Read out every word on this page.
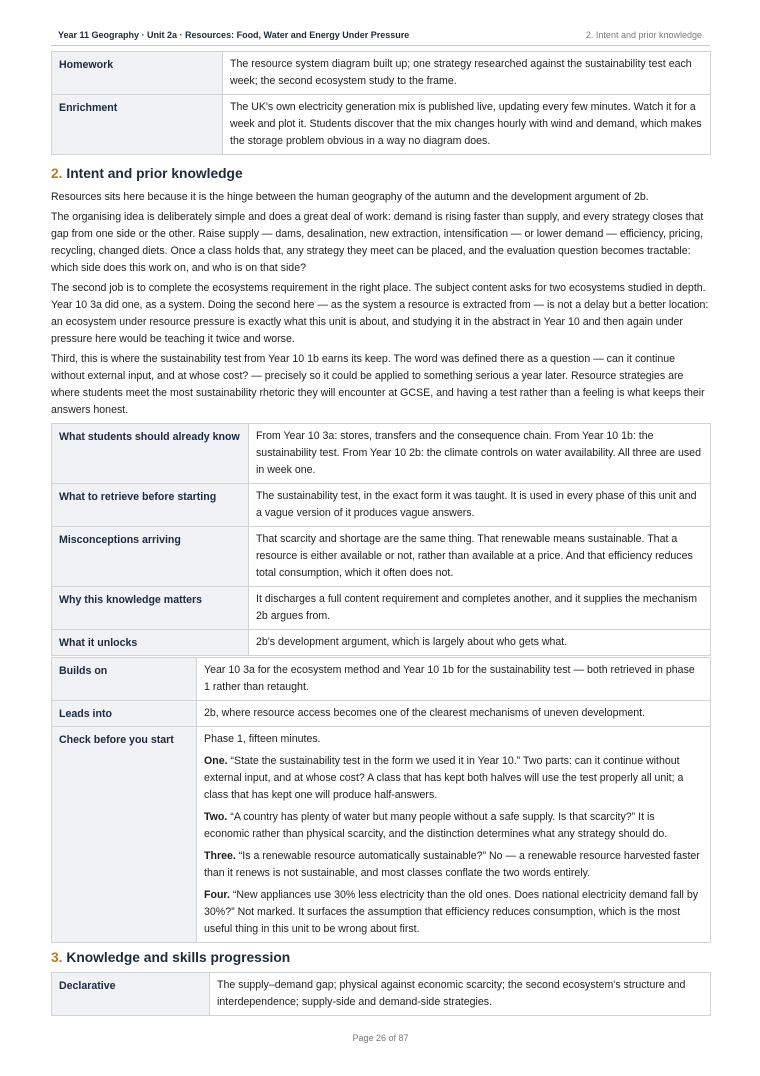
Year 11 Geography · Unit 2a · Resources: Food, Water and Energy Under Pressure	2. Intent and prior knowledge
Homework	The resource system diagram built up; one strategy researched against the sustainability test each week; the second ecosystem study to the frame.
Enrichment	The UK's own electricity generation mix is published live, updating every few minutes. Watch it for a week and plot it. Students discover that the mix changes hourly with wind and demand, which makes the storage problem obvious in a way no diagram does.
2. Intent and prior knowledge

Resources sits here because it is the hinge between the human geography of the autumn and the development argument of 2b.

The organising idea is deliberately simple and does a great deal of work: demand is rising faster than supply, and every strategy closes that gap from one side or the other. Raise supply — dams, desalination, new extraction, intensification — or lower demand — efficiency, pricing, recycling, changed diets. Once a class holds that, any strategy they meet can be placed, and the evaluation question becomes tractable: which side does this work on, and who is on that side?

The second job is to complete the ecosystems requirement in the right place. The subject content asks for two ecosystems studied in depth. Year 10 3a did one, as a system. Doing the second here — as the system a resource is extracted from — is not a delay but a better location: an ecosystem under resource pressure is exactly what this unit is about, and studying it in the abstract in Year 10 and then again under pressure here would be teaching it twice and worse.

Third, this is where the sustainability test from Year 10 1b earns its keep. The word was defined there as a question — can it continue without external input, and at whose cost? — precisely so it could be applied to something serious a year later. Resource strategies are where students meet the most sustainability rhetoric they will encounter at GCSE, and having a test rather than a feeling is what keeps their answers honest.

What students should already know	From Year 10 3a: stores, transfers and the consequence chain. From Year 10 1b: the sustainability test. From Year 10 2b: the climate controls on water availability. All three are used in week one.
What to retrieve before starting	The sustainability test, in the exact form it was taught. It is used in every phase of this unit and a vague version of it produces vague answers.
Misconceptions arriving	That scarcity and shortage are the same thing. That renewable means sustainable. That a resource is either available or not, rather than available at a price. And that efficiency reduces total consumption, which it often does not.
Why this knowledge matters	It discharges a full content requirement and completes another, and it supplies the mechanism 2b argues from.
What it unlocks	2b's development argument, which is largely about who gets what.
Builds on	Year 10 3a for the ecosystem method and Year 10 1b for the sustainability test — both retrieved in phase 1 rather than retaught.
Leads into	2b, where resource access becomes one of the clearest mechanisms of uneven development.
Check before you start	Phase 1, fifteen minutes.
One. “State the sustainability test in the form we used it in Year 10.” Two parts: can it continue without external input, and at whose cost? A class that has kept both halves will use the test properly all unit; a class that has kept one will produce half-answers.
Two. “A country has plenty of water but many people without a safe supply. Is that scarcity?” It is economic rather than physical scarcity, and the distinction determines what any strategy should do.
Three. “Is a renewable resource automatically sustainable?” No — a renewable resource harvested faster than it renews is not sustainable, and most classes conflate the two words entirely.
Four. “New appliances use 30% less electricity than the old ones. Does national electricity demand fall by 30%?” Not marked. It surfaces the assumption that efficiency reduces consumption, which is the most useful thing in this unit to be wrong about first.
3. Knowledge and skills progression
Declarative	The supply–demand gap; physical against economic scarcity; the second ecosystem's structure and interdependence; supply-side and demand-side strategies.
Page 26 of 87
